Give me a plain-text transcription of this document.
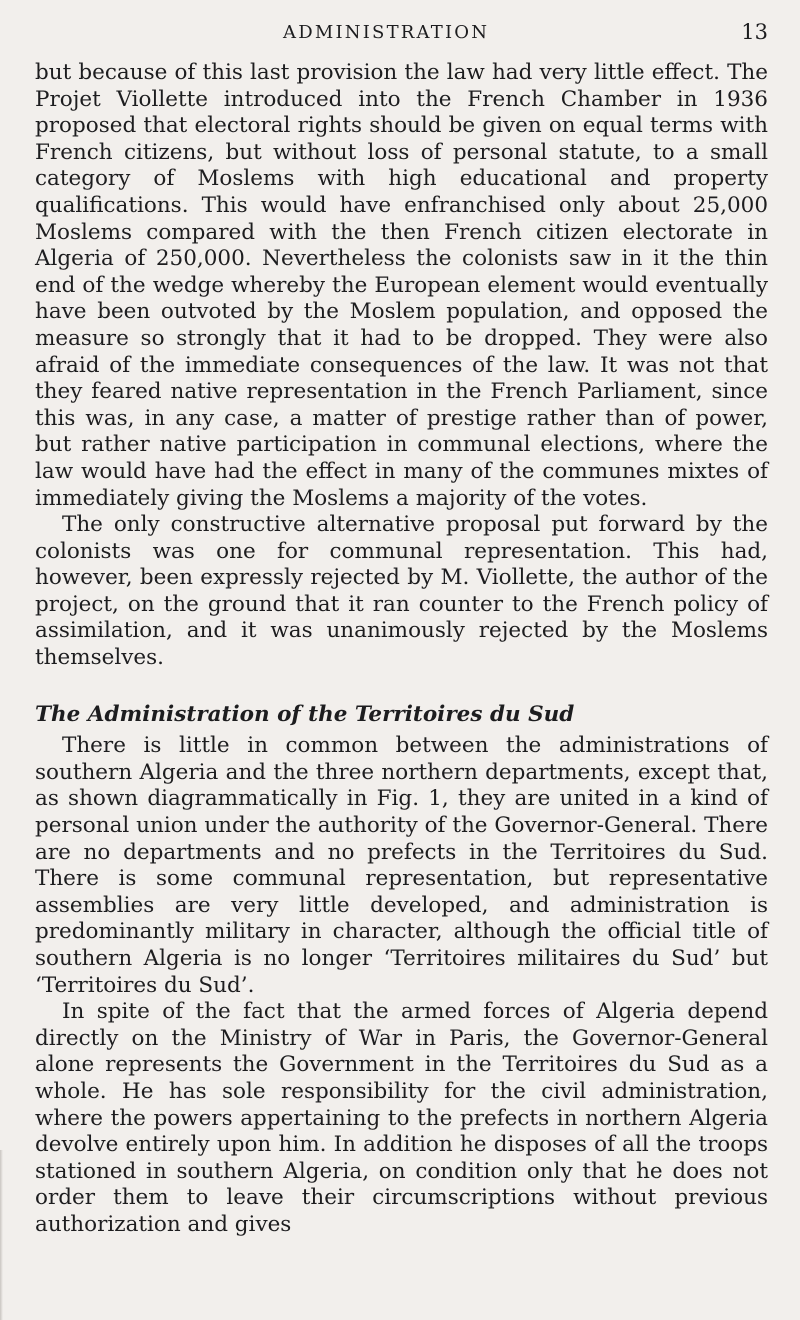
ADMINISTRATION	13

but because of this last provision the law had very little effect. The Projet Viollette introduced into the French Chamber in 1936 proposed that electoral rights should be given on equal terms with French citizens, but without loss of personal statute, to a small category of Moslems with high educational and property qualifications. This would have enfranchised only about 25,000 Moslems compared with the then French citizen electorate in Algeria of 250,000. Nevertheless the colonists saw in it the thin end of the wedge whereby the European element would eventually have been outvoted by the Moslem population, and opposed the measure so strongly that it had to be dropped. They were also afraid of the immediate consequences of the law. It was not that they feared native representation in the French Parliament, since this was, in any case, a matter of prestige rather than of power, but rather native participation in communal elections, where the law would have had the effect in many of the communes mixtes of immediately giving the Moslems a majority of the votes.

The only constructive alternative proposal put forward by the colonists was one for communal representation. This had, however, been expressly rejected by M. Viollette, the author of the project, on the ground that it ran counter to the French policy of assimilation, and it was unanimously rejected by the Moslems themselves.

The Administration of the Territoires du Sud

There is little in common between the administrations of southern Algeria and the three northern departments, except that, as shown diagrammatically in Fig. 1, they are united in a kind of personal union under the authority of the Governor-General. There are no departments and no prefects in the Territoires du Sud. There is some communal representation, but representative assemblies are very little developed, and administration is predominantly military in character, although the official title of southern Algeria is no longer ‘Territoires militaires du Sud’ but ‘Territoires du Sud’.

In spite of the fact that the armed forces of Algeria depend directly on the Ministry of War in Paris, the Governor-General alone represents the Government in the Territoires du Sud as a whole. He has sole responsibility for the civil administration, where the powers appertaining to the prefects in northern Algeria devolve entirely upon him. In addition he disposes of all the troops stationed in southern Algeria, on condition only that he does not order them to leave their circumscriptions without previous authorization and gives
